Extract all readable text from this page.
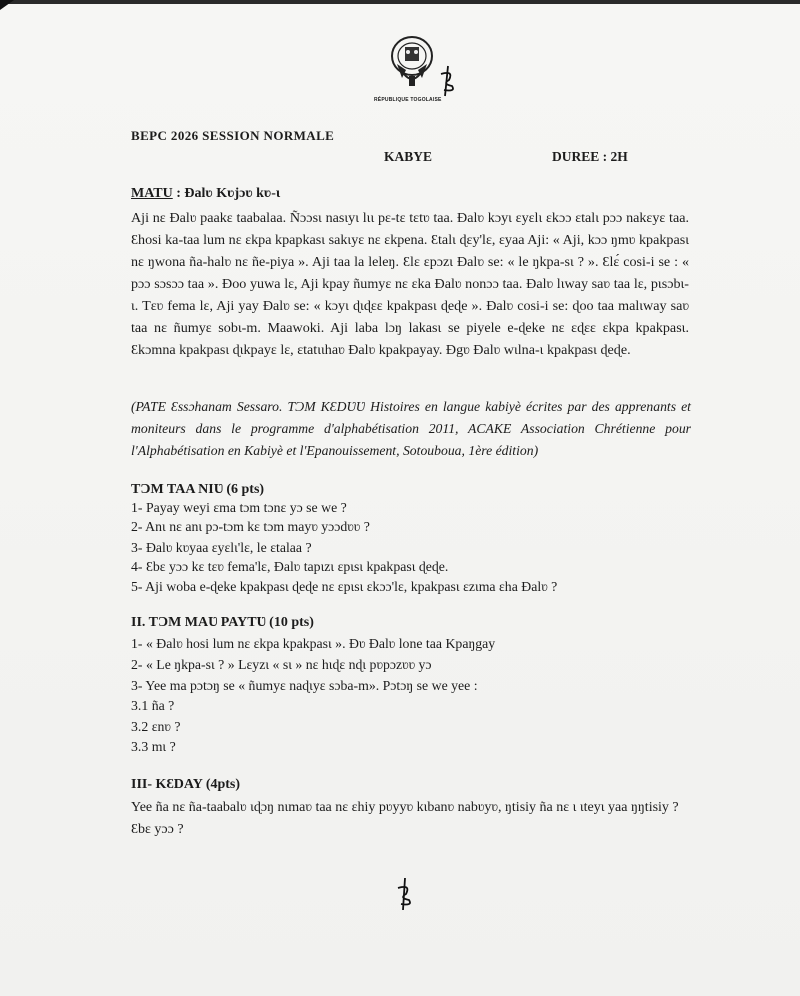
RÉPUBLIQUE TOGOLAISE
BEPC 2026 SESSION NORMALE
KABYE	DUREE : 2H
MATU : Ɖalʋ Kʋjɔʋ kʋ-ɩ
Aji nɛ Ɖalʋ paakɛ taabalaa. Ñɔɔsɩ nasɩyɩ lɩɩ pɛ-tɛ tɛtʋ taa. Ɖalʋ kɔyɩ ɛyɛlɩ ɛkɔɔ ɛtalɩ pɔɔ nakɛyɛ taa. Ɛhosi ka-taa lum nɛ ɛkpa kpapkasɩ sakɩyɛ nɛ ɛkpena. Ɛtalɩ ɖɛy'lɛ, ɛyaa Aji: « Aji, kɔɔ ŋmʋ kpakpasɩ nɛ ŋwona ña-halʋ nɛ ñe-piya ». Aji taa la leleŋ. Ɛlɛ ɛpɔzɩ Ɖalʋ se: « le ŋkpa-sɩ ? ». Ɛlɛ́ cosi-i se : « pɔɔ sɔsɔɔ taa ». Ɖoo yuwa lɛ, Aji kpay ñumyɛ nɛ ɛka Ɖalʋ nonɔɔ taa. Ɖalʋ lɩway saʋ taa lɛ, pɩsɔbɩ-ɩ. Tɛʋ fema lɛ, Aji yay Ɖalʋ se: « kɔyɩ ɖɩɖɛɛ kpakpasɩ ɖeɖe ». Ɖalʋ cosi-i se: ɖoo taa malɩway saʋ taa nɛ ñumyɛ sobɩ-m. Maawoki. Aji laba lɔŋ lakasɩ se piyele e-ɖeke nɛ ɛɖɛɛ ɛkpa kpakpasɩ. Ɛkɔmna kpakpasɩ ɖɩkpayɛ lɛ, ɛtatɩɩhaʋ Ɖalʋ kpakpayay. Ɖgʋ Ɖalʋ wɩlna-ɩ kpakpasɩ ɖeɖe.
(PATE Ɛssɔhanam Sessaro. TƆM KƐDƲƲ Histoires en langue kabiyè écrites par des apprenants et moniteurs dans le programme d'alphabétisation 2011, ACAKE Association Chrétienne pour l'Alphabétisation en Kabiyè et l'Epanouissement, Sotouboua, 1ère édition)
TƆM TAA NIƲ (6 pts)
1- Payay weyi ɛma tɔm tɔnɛ yɔ se we ?
2- Anɩ nɛ anɩ pɔ-tɔm kɛ tɔm mayʋ yɔɔdʋʋ ?
3- Ɖalʋ kʋyaa ɛyɛlɩ'lɛ, le ɛtalaa ?
4- Ɛbɛ yɔɔ kɛ tɛʋ fema'lɛ, Ɖalʋ tapɩzɩ ɛpɩsɩ kpakpasɩ ɖeɖe.
5- Aji woba e-ɖeke kpakpasɩ ɖeɖe nɛ ɛpɩsɩ ɛkɔɔ'lɛ, kpakpasɩ ɛzɩma ɛha Ɖalʋ ?
II. TƆM MAƲ PAYTƲ (10 pts)
1- « Ɖalʋ hosi lum nɛ ɛkpa kpakpasɩ ». Ɖʋ Ɖalʋ lone taa Kpaŋgay
2- « Le ŋkpa-sɩ ? » Lɛyzɩ « sɩ » nɛ hɩɖɛ nɖɩ pʋpɔzʋʋ yɔ
3- Yee ma pɔtɔŋ se « ñumyɛ naɖɩyɛ sɔba-m». Pɔtɔŋ se we yee :
3.1 ña ?
3.2 ɛnʋ ?
3.3 mɩ ?
III- KƐDAY (4pts)
Yee ña nɛ ña-taabalʋ ɩɖɔŋ nɩmaʋ taa nɛ ɛhiy pʋyyʋ kɩbanʋ nabʋyʋ, ŋtisiy ña nɛ ɩ ɩteyɩ yaa ŋŋtisiy ? Ɛbɛ yɔɔ ?
